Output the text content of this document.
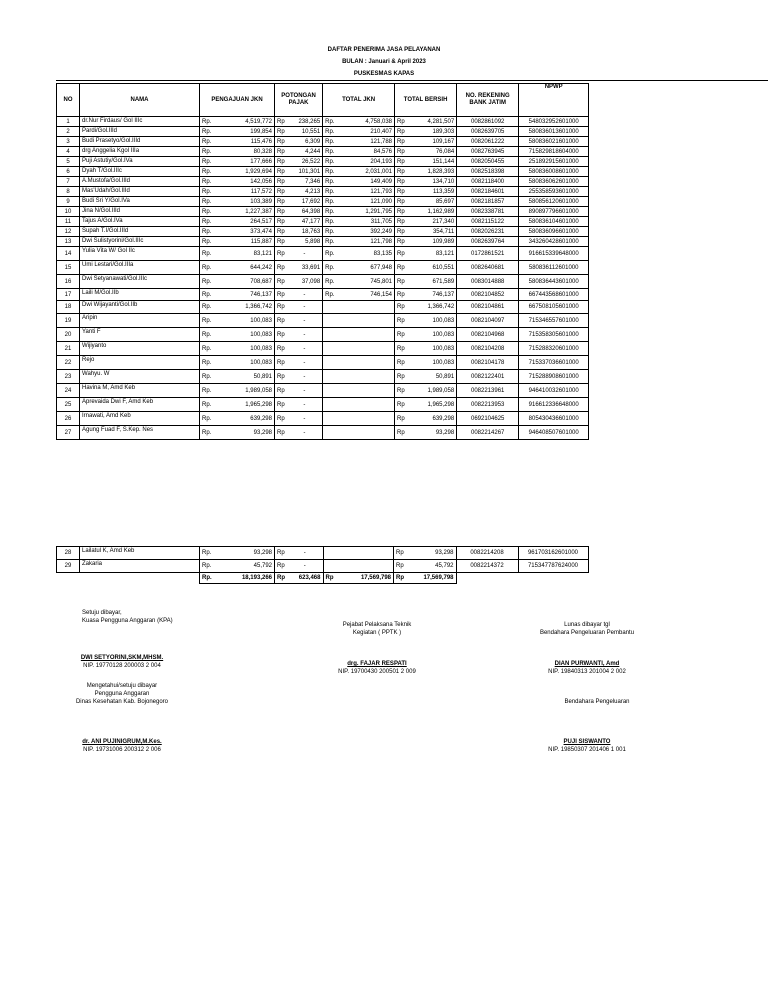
DAFTAR PENERIMA JASA PELAYANAN
BULAN : Januari & April 2023
PUSKESMAS KAPAS
NO	NAMA	PENGAJUAN JKN		POTONGAN PAJAK		TOTAL JKN		TOTAL BERSIH		NO. REKENING BANK JATIM	NPWP
1	dr.Nur Firdaus/ Gol IIIc	Rp.	4,519,772	Rp	238,265	Rp.	4,758,038	Rp	4,281,507	0082861092	548032952601000
2	Pardi/Gol.IIId	Rp.	199,854	Rp	10,551	Rp.	210,407	Rp	189,303	0082639705	580836013601000
3	Budi Prasetyo/Gol.IIId	Rp.	115,476	Rp	6,309	Rp.	121,788	Rp	109,167	0082061222	580836021601000
4	drg Anggelia Kgol IIIa	Rp.	80,328	Rp	4,244	Rp.	84,576	Rp	76,084	0082763945	715829818604000
5	Puji Astutiy/Gol.IVa	Rp.	177,666	Rp	26,522	Rp.	204,193	Rp	151,144	0082050455	251892915601000
6	Dyah T/Gol.IIIc	Rp.	1,929,694	Rp	101,301	Rp.	2,031,001	Rp	1,828,393	0082518398	580836008601000
7	A.Mustofa/Gol.IIId	Rp.	142,056	Rp	7,346	Rp.	149,409	Rp	134,710	0082118400	580836062601000
8	Mas'Udah/Gol.IIId	Rp.	117,572	Rp	4,213	Rp.	121,793	Rp	113,359	0082184601	255358593601000
9	Budi Sri Y/Gol.IVa	Rp.	103,389	Rp	17,692	Rp.	121,090	Rp	85,697	0082181857	580856120601000
10	Jina N/Gol.IIId	Rp.	1,227,387	Rp	64,398	Rp.	1,291,795	Rp	1,162,989	0082338781	890897796601000
11	Tajus A/Gol.IVa	Rp.	264,517	Rp	47,177	Rp.	311,705	Rp	217,340	0082115122	580836104601000
12	Supah T.I/Gol.IIId	Rp.	373,474	Rp	18,763	Rp.	392,249	Rp	354,711	0082026231	580836096601000
13	Dwi Sulistyorini/Gol.IIIc	Rp.	115,887	Rp	5,898	Rp.	121,798	Rp	109,989	0082639764	343260428601000
14	Yulia Vita W/ Gol IIc	Rp.	83,121	Rp	-	Rp.	83,135	Rp	83,121	0172861521	916615339648000
15	Umi Lestari/Gol.IIIa	Rp.	644,242	Rp	33,691	Rp.	677,948	Rp	610,551	0082640681	580836112601000
16	Dwi Setyanawati/Gol.IIIc	Rp.	708,687	Rp	37,098	Rp.	745,801	Rp	671,589	0083014888	580836443601000
17	Laili M/Gol.IIb	Rp.	746,137	Rp	-	Rp.	746,154	Rp	746,137	0082104852	667443568601000
18	Dwi Wijayanti/Gol.IIb	Rp.	1,366,742	Rp	-			Rp	1,366,742	0082104861	667508105601000
19	Aripin	Rp.	100,083	Rp	-			Rp	100,083	0082104097	715346557601000
20	Yanti F	Rp.	100,083	Rp	-			Rp	100,083	0082104968	715358305601000
21	Wijiyanto	Rp.	100,083	Rp	-			Rp	100,083	0082104208	715288320601000
22	Rejo	Rp.	100,083	Rp	-			Rp	100,083	0082104178	715337036601000
23	Wahyu. W	Rp.	50,891	Rp	-			Rp	50,891	0082122401	715288908601000
24	Havina M, Amd Keb	Rp.	1,989,058	Rp	-			Rp	1,989,058	0082213961	946410032601000
25	Aprevaida Dwi F, Amd Keb	Rp.	1,965,298	Rp	-			Rp	1,965,298	0082213953	916612336648000
26	Irnawati, Amd Keb	Rp.	639,298	Rp	-			Rp	639,298	0692104625	805430436601000
27	Agung Fuad F, S.Kep. Nes	Rp.	93,298	Rp	-			Rp	93,298	0082214267	946408507601000
28	Lailatul K, Amd Keb	Rp.	93,298	Rp	-			Rp	93,298	0082214208	961703162601000
29	Zakaria	Rp.	45,792	Rp	-			Rp	45,792	0082214372	715347787624000
		Rp.	18,193,266	Rp	623,468	Rp	17,569,798	Rp	17,569,798		
Setuju dibayar,
Kuasa Pengguna Anggaran (KPA)
DWI SETYORINI,SKM,MHSM.
NIP. 19770128 200003 2 004
Mengetahui/setuju dibayar
Pengguna Anggaran
Dinas Kesehatan Kab. Bojonegoro
dr. ANI PUJINIGRUM,M.Kes.
NIP. 19731006 200312 2 006
Pejabat Pelaksana Teknik
Kegiatan ( PPTK )
drg. FAJAR RESPATI
NIP. 19700430 200501 2 009
Lunas dibayar tgl
Bendahara Pengeluaran Pembantu
DIAN PURWANTI, Amd
NIP. 19840313 201004 2 002
Bendahara Pengeluaran
PUJI SISWANTO
NIP. 19850307 201406 1 001
